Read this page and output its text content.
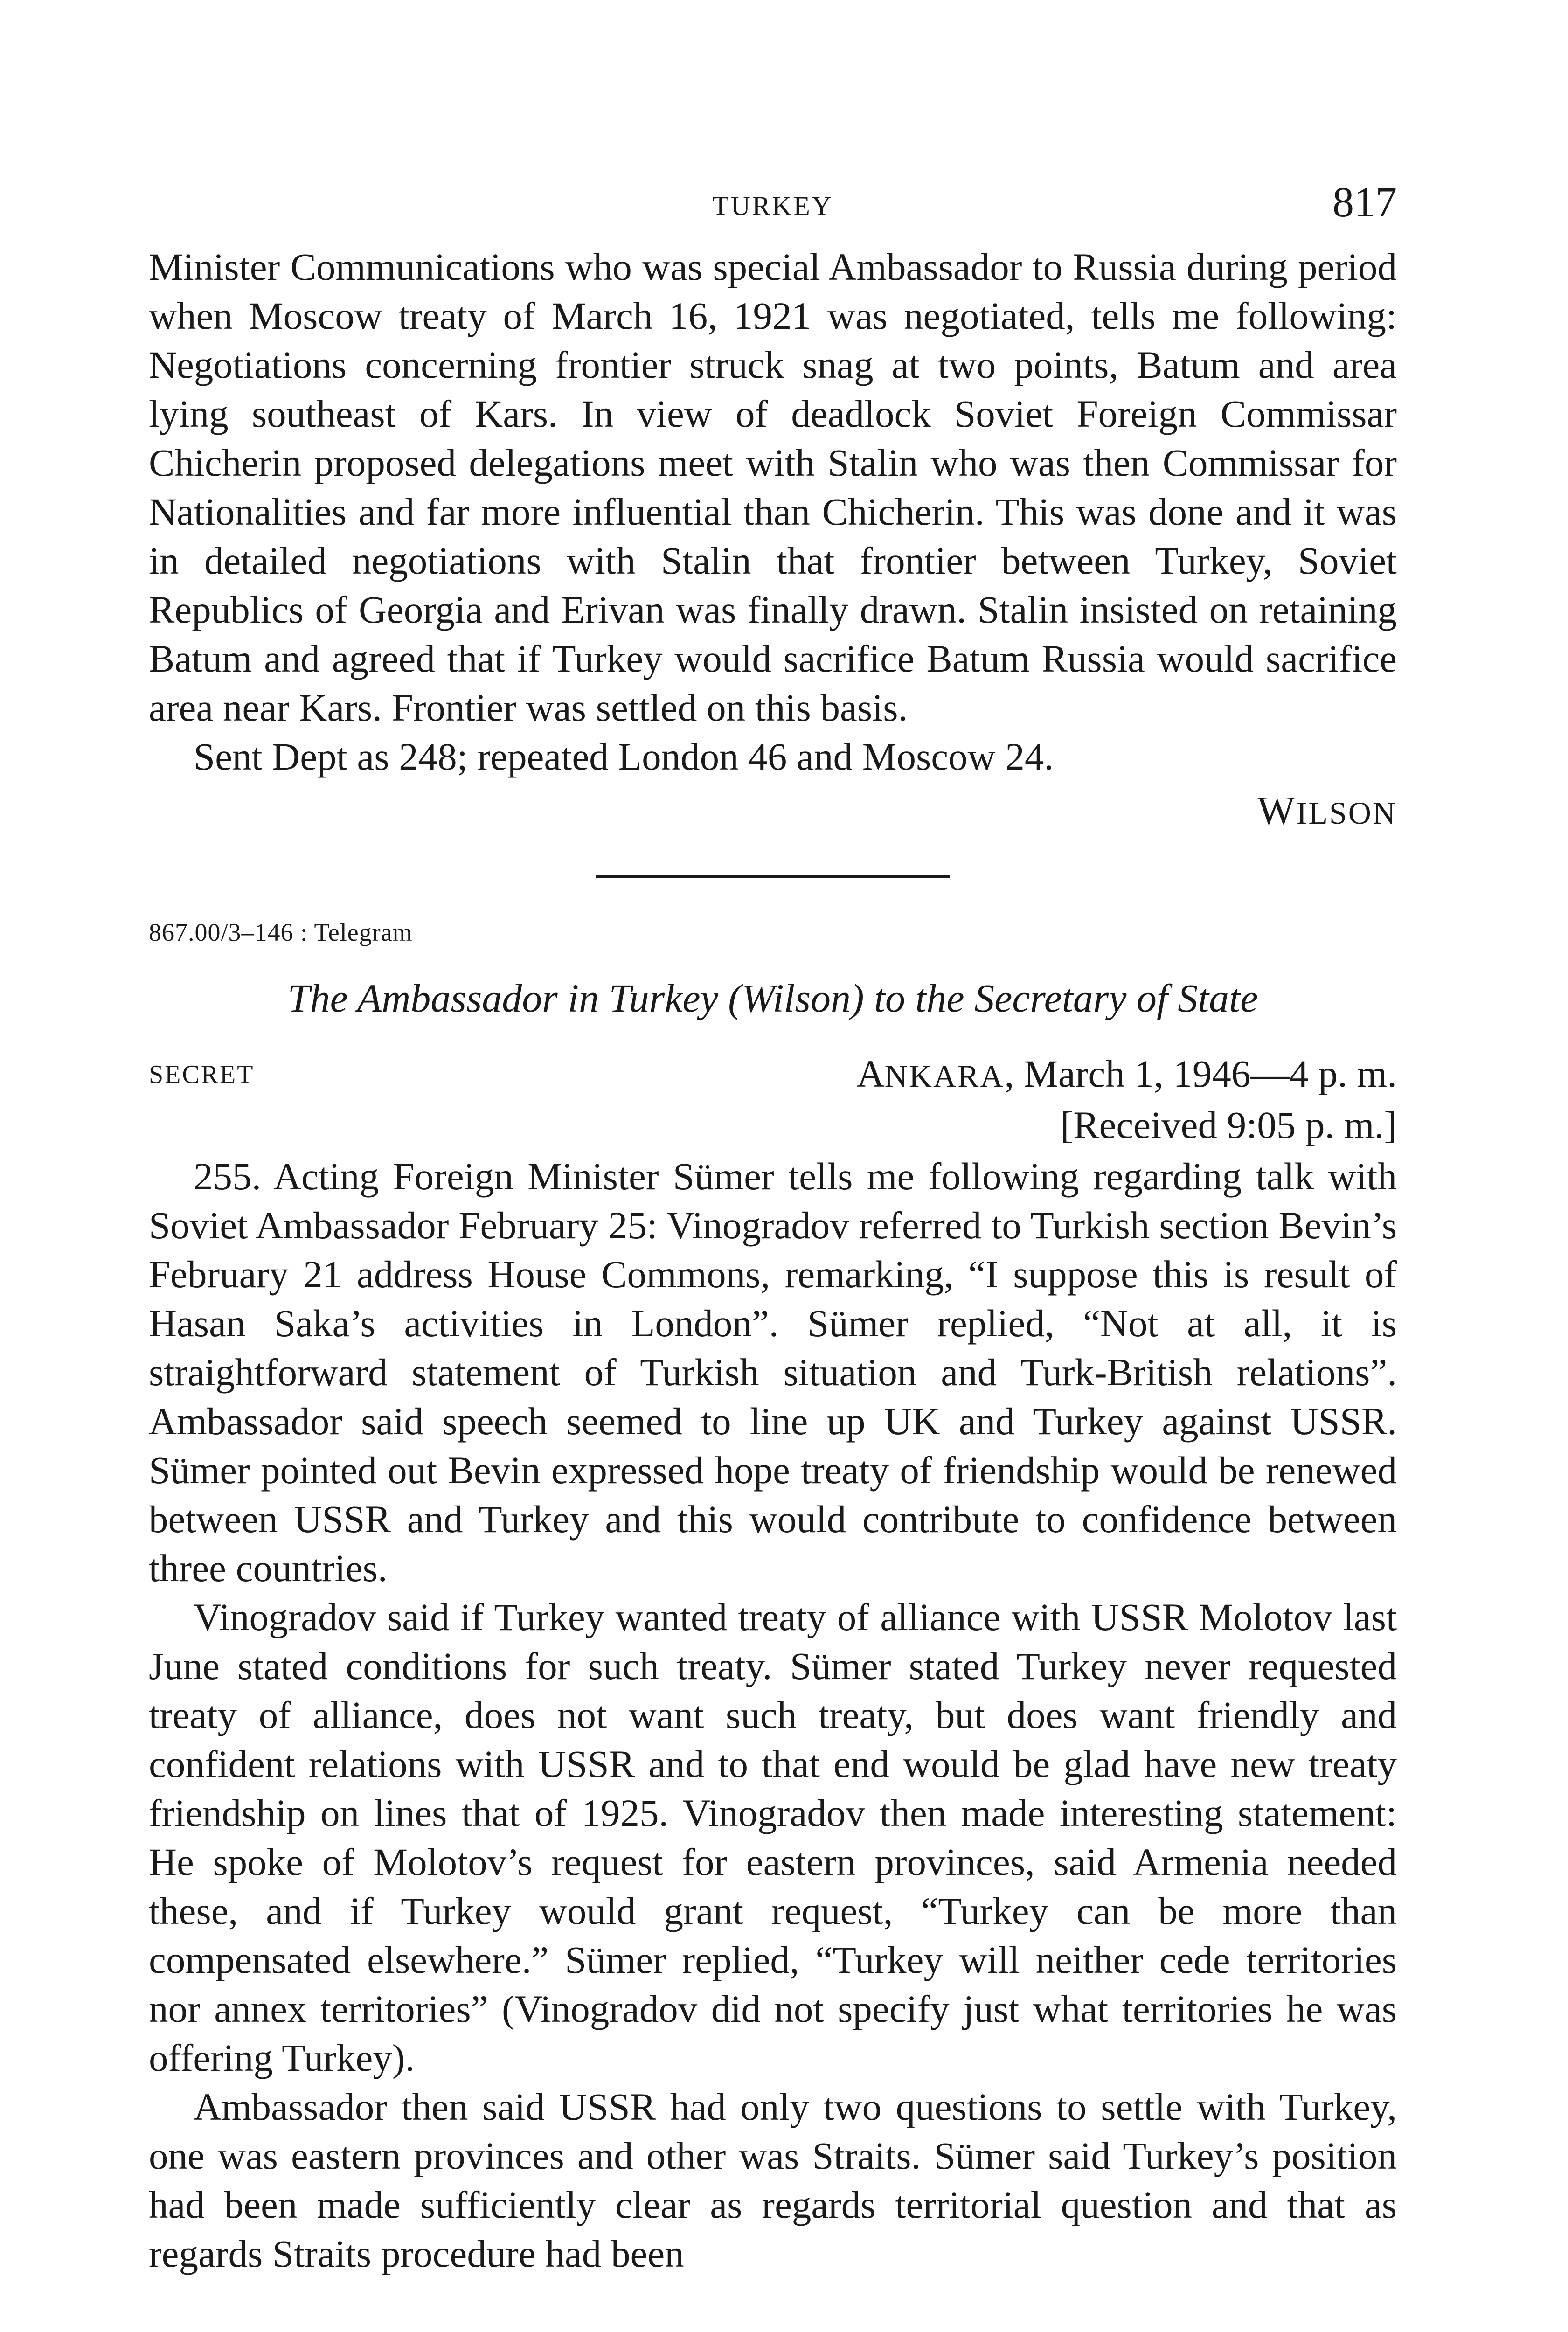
TURKEY	817

Minister Communications who was special Ambassador to Russia during period when Moscow treaty of March 16, 1921 was negotiated, tells me following: Negotiations concerning frontier struck snag at two points, Batum and area lying southeast of Kars. In view of deadlock Soviet Foreign Commissar Chicherin proposed delegations meet with Stalin who was then Commissar for Nationalities and far more influential than Chicherin. This was done and it was in detailed negotiations with Stalin that frontier between Turkey, Soviet Republics of Georgia and Erivan was finally drawn. Stalin insisted on retaining Batum and agreed that if Turkey would sacrifice Batum Russia would sacrifice area near Kars. Frontier was settled on this basis.

Sent Dept as 248; repeated London 46 and Moscow 24.

WILSON
867.00/3–146 : Telegram
The Ambassador in Turkey (Wilson) to the Secretary of State
SECRET	ANKARA, March 1, 1946—4 p. m.
[Received 9:05 p. m.]

255. Acting Foreign Minister Sümer tells me following regarding talk with Soviet Ambassador February 25: Vinogradov referred to Turkish section Bevin’s February 21 address House Commons, remarking, “I suppose this is result of Hasan Saka’s activities in London”. Sümer replied, “Not at all, it is straightforward statement of Turkish situation and Turk-British relations”. Ambassador said speech seemed to line up UK and Turkey against USSR. Sümer pointed out Bevin expressed hope treaty of friendship would be renewed between USSR and Turkey and this would contribute to confidence between three countries.

Vinogradov said if Turkey wanted treaty of alliance with USSR Molotov last June stated conditions for such treaty. Sümer stated Turkey never requested treaty of alliance, does not want such treaty, but does want friendly and confident relations with USSR and to that end would be glad have new treaty friendship on lines that of 1925. Vinogradov then made interesting statement: He spoke of Molotov’s request for eastern provinces, said Armenia needed these, and if Turkey would grant request, “Turkey can be more than compensated elsewhere.” Sümer replied, “Turkey will neither cede territories nor annex territories” (Vinogradov did not specify just what territories he was offering Turkey).

Ambassador then said USSR had only two questions to settle with Turkey, one was eastern provinces and other was Straits. Sümer said Turkey’s position had been made sufficiently clear as regards territorial question and that as regards Straits procedure had been
